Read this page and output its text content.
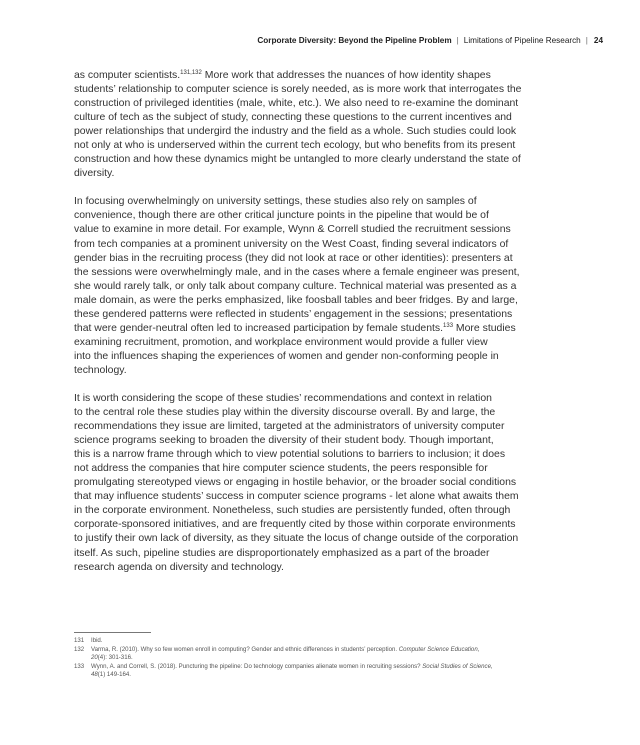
Corporate Diversity: Beyond the Pipeline Problem | Limitations of Pipeline Research | 24

as computer scientists.$^{131,132}$ More work that addresses the nuances of how identity shapes
students’ relationship to computer science is sorely needed, as is more work that interrogates the
construction of privileged identities (male, white, etc.). We also need to re-examine the dominant
culture of tech as the subject of study, connecting these questions to the current incentives and
power relationships that undergird the industry and the field as a whole. Such studies could look
not only at who is underserved within the current tech ecology, but who benefits from its present
construction and how these dynamics might be untangled to more clearly understand the state of
diversity.

In focusing overwhelmingly on university settings, these studies also rely on samples of
convenience, though there are other critical juncture points in the pipeline that would be of
value to examine in more detail. For example, Wynn & Correll studied the recruitment sessions
from tech companies at a prominent university on the West Coast, finding several indicators of
gender bias in the recruiting process (they did not look at race or other identities): presenters at
the sessions were overwhelmingly male, and in the cases where a female engineer was present,
she would rarely talk, or only talk about company culture. Technical material was presented as a
male domain, as were the perks emphasized, like foosball tables and beer fridges. By and large,
these gendered patterns were reflected in students’ engagement in the sessions; presentations
that were gender-neutral often led to increased participation by female students.$^{133}$ More studies
examining recruitment, promotion, and workplace environment would provide a fuller view
into the influences shaping the experiences of women and gender non-conforming people in
technology.

It is worth considering the scope of these studies’ recommendations and context in relation
to the central role these studies play within the diversity discourse overall. By and large, the
recommendations they issue are limited, targeted at the administrators of university computer
science programs seeking to broaden the diversity of their student body. Though important,
this is a narrow frame through which to view potential solutions to barriers to inclusion; it does
not address the companies that hire computer science students, the peers responsible for
promulgating stereotyped views or engaging in hostile behavior, or the broader social conditions
that may influence students’ success in computer science programs - let alone what awaits them
in the corporate environment. Nonetheless, such studies are persistently funded, often through
corporate-sponsored initiatives, and are frequently cited by those within corporate environments
to justify their own lack of diversity, as they situate the locus of change outside of the corporation
itself. As such, pipeline studies are disproportionately emphasized as a part of the broader
research agenda on diversity and technology.

131	Ibid.
132	Varma, R. (2010). Why so few women enroll in computing? Gender and ethnic differences in students’ perception. Computer Science Education,
20(4): 301-316.
133	Wynn, A. and Correll, S. (2018). Puncturing the pipeline: Do technology companies alienate women in recruiting sessions? Social Studies of Science,
48(1) 149-164.
